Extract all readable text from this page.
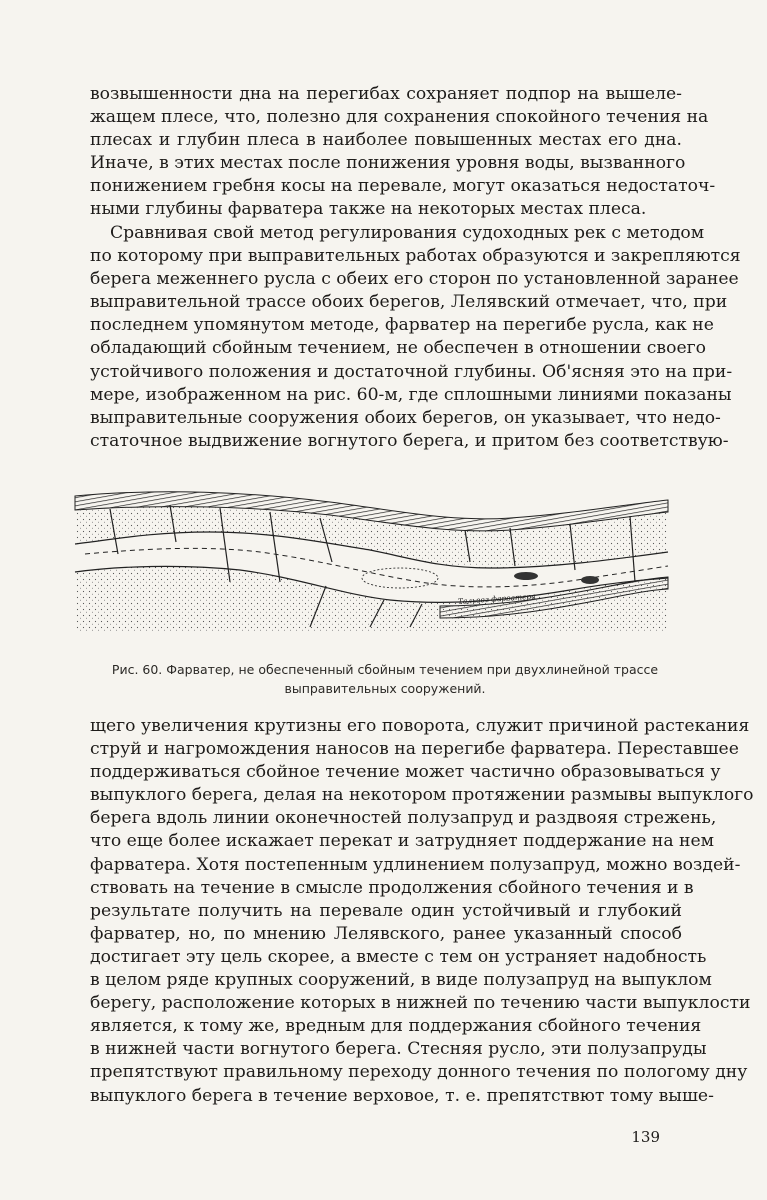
возвышенности дна на перегибах сохраняет подпор на вышеле-
жащем плесе, что, полезно для сохранения спокойного течения на
плесах и глубин плеса в наиболее повышенных местах его дна.
Иначе, в этих местах после понижения уровня воды, вызванного
понижением гребня косы на перевале, могут оказаться недостаточ-
ными глубины фарватера также на некоторых местах плеса.
Сравнивая свой метод регулирования судоходных рек с методом
по которому при выправительных работах образуются и закрепляются
берега меженнего русла с обеих его сторон по установленной заранее
выправительной трассе обоих берегов, Лелявский отмечает, что, при
последнем упомянутом методе, фарватер на перегибе русла, как не
обладающий сбойным течением, не обеспечен в отношении своего
устойчивого положения и достаточной глубины. Об'ясняя это на при-
мере, изображенном на рис. 60-м, где сплошными линиями показаны
выправительные сооружения обоих берегов, он указывает, что недо-
статочное выдвижение вогнутого берега, и притом без соответствую-
Тальвег фарватера
Рис. 60. Фарватер, не обеспеченный сбойным течением при двухлинейной трассе
выправительных сооружений.
щего увеличения крутизны его поворота, служит причиной растекания
струй и нагромождения наносов на перегибе фарватера. Переставшее
поддерживаться сбойное течение может частично образовываться у
выпуклого берега, делая на некотором протяжении размывы выпуклого
берега вдоль линии оконечностей полузапруд и раздвояя стрежень,
что еще более искажает перекат и затрудняет поддержание на нем
фарватера. Хотя постепенным удлинением полузапруд, можно воздей-
ствовать на течение в смысле продолжения сбойного течения и в
результате получить на перевале один устойчивый и глубокий
фарватер, но, по мнению Лелявского, ранее указанный способ
достигает эту цель скорее, а вместе с тем он устраняет надобность
в целом ряде крупных сооружений, в виде полузапруд на выпуклом
берегу, расположение которых в нижней по течению части выпуклости
является, к тому же, вредным для поддержания сбойного течения
в нижней части вогнутого берега. Стесняя русло, эти полузапруды
препятствуют правильному переходу донного течения по пологому дну
выпуклого берега в течение верховое, т. е. препятствют тому выше-
139
